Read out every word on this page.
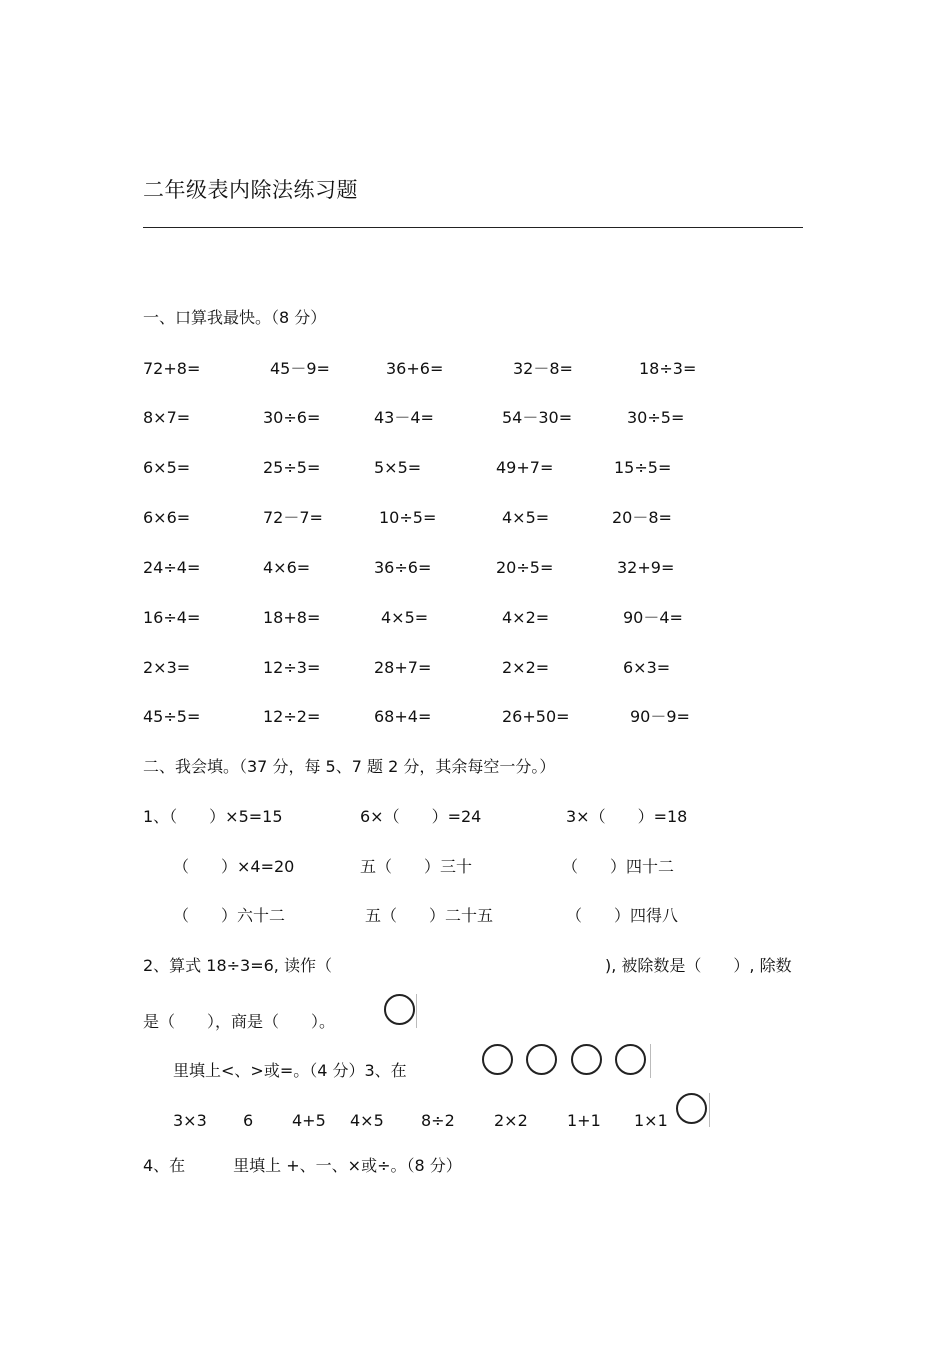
二年级表内除法练习题
一、口算我最快。（8 分）
72+8=	45－9=	36+6=	32－8=	18÷3=
8×7=	30÷6=	43－4=	54－30=	30÷5=
6×5=	25÷5=	5×5=	49+7=	15÷5=
6×6=	72－7=	10÷5=	4×5=	20－8=
24÷4=	4×6=	36÷6=	20÷5=	32+9=
16÷4=	18+8=	4×5=	4×2=	90－4=
2×3=	12÷3=	28+7=	2×2=	6×3=
45÷5=	12÷2=	68+4=	26+50=	90－9=
二、我会填。（37 分，每 5、7 题 2 分，其余每空一分。）
1、（　　）×5=15	6×（　　）=24	3×（　　）=18
（　　）×4=20	五（　　）三十	（　　）四十二
（　　）六十二	五（　　）二十五	（　　）四得八
2、算式 18÷3=6, 读作（	), 被除数是（　　）, 除数
是（　　），商是（　　）。
里填上<、>或=。（4 分）3、在
3×3 6 4+5 4×5 8÷2 2×2 1+1 1×1
4、在　　　里填上 +、一、×或÷。（8 分）
